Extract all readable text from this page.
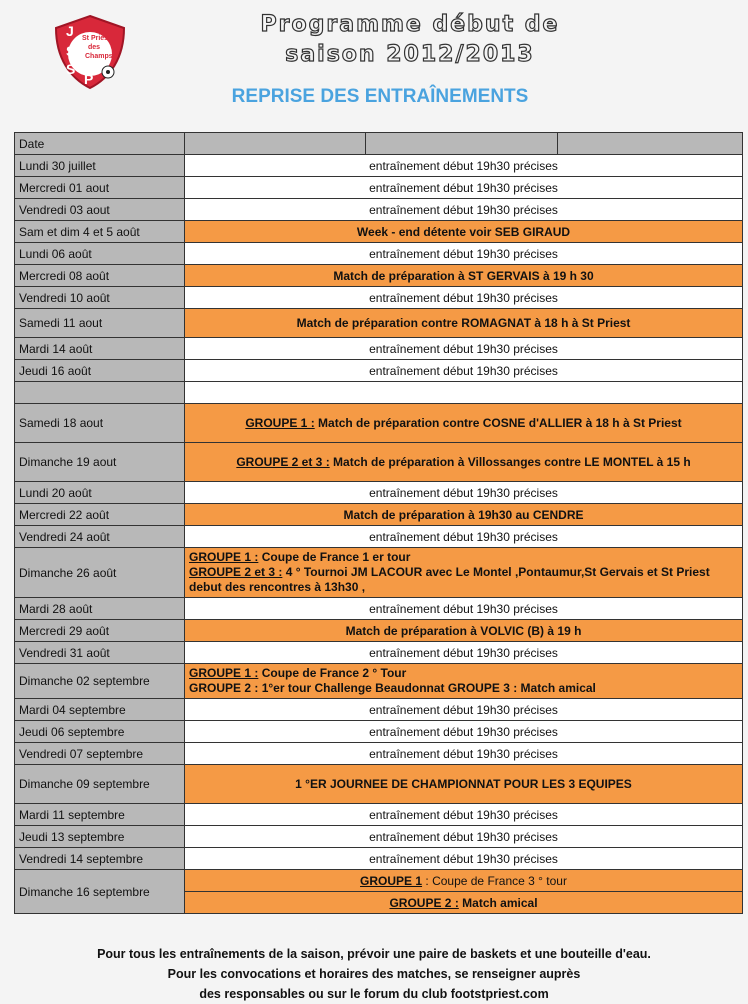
J
S
S
P
St Priest
des
Champs
Programme début de
saison 2012/2013
REPRISE DES ENTRAÎNEMENTS
Date			
Lundi 30 juillet	entraînement début 19h30 précises		
Mercredi 01 aout	entraînement début 19h30 précises		
Vendredi 03 aout	entraînement début 19h30 précises		
Sam et dim 4 et 5 août	Week - end détente voir SEB GIRAUD		
Lundi 06 août	entraînement début 19h30 précises		
Mercredi 08 août	Match de préparation à ST GERVAIS à 19 h 30		
Vendredi 10 août	entraînement début 19h30 précises		
Samedi 11 aout	Match de préparation contre ROMAGNAT à 18 h à St Priest		
Mardi 14 août	entraînement début 19h30 précises		
Jeudi 16 août	entraînement début 19h30 précises		

Samedi 18 aout	GROUPE 1 : Match de préparation contre COSNE d'ALLIER à 18 h à St Priest		
Dimanche 19 aout	GROUPE 2 et 3 : Match de préparation à Villossanges contre LE MONTEL à 15 h		
Lundi 20 août	entraînement début 19h30 précises		
Mercredi 22 août	Match de préparation à 19h30 au CENDRE		
Vendredi 24 août	entraînement début 19h30 précises		
Dimanche 26 août	GROUPE 1 : Coupe de France 1 er tour
GROUPE 2 et 3 : 4 ° Tournoi JM LACOUR avec Le Montel ,Pontaumur,St Gervais et St Priest debut des rencontres à 13h30 ,		
Mardi 28 août	entraînement début 19h30 précises		
Mercredi 29 août	Match de préparation à VOLVIC (B) à 19 h		
Vendredi 31 août	entraînement début 19h30 précises		
Dimanche 02 septembre	GROUPE 1 : Coupe de France 2 ° Tour
GROUPE 2 : 1°er tour Challenge Beaudonnat GROUPE 3 : Match amical		
Mardi 04 septembre	entraînement début 19h30 précises		
Jeudi 06 septembre	entraînement début 19h30 précises		
Vendredi 07 septembre	entraînement début 19h30 précises		
Dimanche 09 septembre	1 °ER JOURNEE DE CHAMPIONNAT POUR LES 3 EQUIPES		
Mardi 11 septembre	entraînement début 19h30 précises		
Jeudi 13 septembre	entraînement début 19h30 précises		
Vendredi 14 septembre	entraînement début 19h30 précises		
Dimanche 16 septembre	GROUPE 1 : Coupe de France 3 ° tour		
	GROUPE 2 : Match amical		
Pour tous les entraînements de la saison, prévoir une paire de baskets et une bouteille d'eau.
Pour les convocations et horaires des matches, se renseigner auprès
des responsables ou sur le forum du club footstpriest.com
